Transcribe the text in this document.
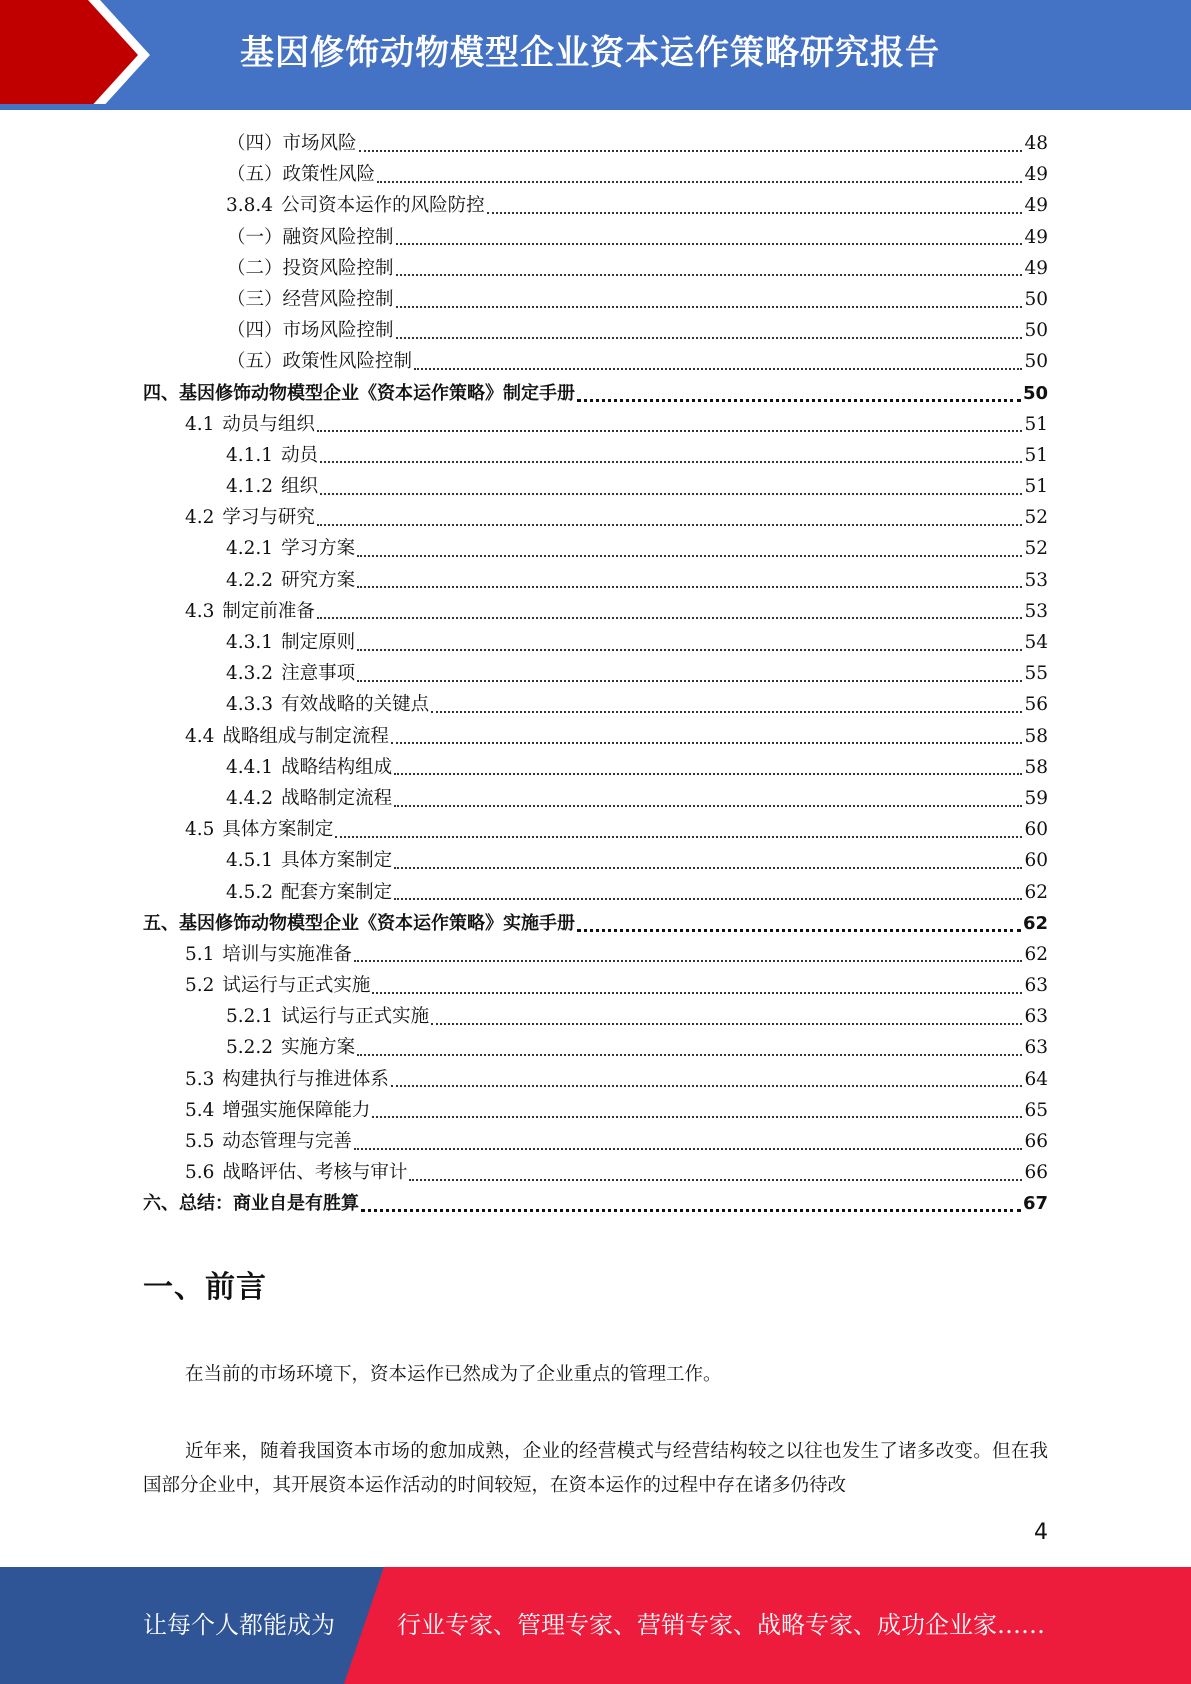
基因修饰动物模型企业资本运作策略研究报告
（四）市场风险	48
（五）政策性风险	49
3.8.4 公司资本运作的风险防控	49
（一）融资风险控制	49
（二）投资风险控制	49
（三）经营风险控制	50
（四）市场风险控制	50
（五）政策性风险控制	50
四、基因修饰动物模型企业《资本运作策略》制定手册	50
4.1 动员与组织	51
4.1.1 动员	51
4.1.2 组织	51
4.2 学习与研究	52
4.2.1 学习方案	52
4.2.2 研究方案	53
4.3 制定前准备	53
4.3.1 制定原则	54
4.3.2 注意事项	55
4.3.3 有效战略的关键点	56
4.4 战略组成与制定流程	58
4.4.1 战略结构组成	58
4.4.2 战略制定流程	59
4.5 具体方案制定	60
4.5.1 具体方案制定	60
4.5.2 配套方案制定	62
五、基因修饰动物模型企业《资本运作策略》实施手册	62
5.1 培训与实施准备	62
5.2 试运行与正式实施	63
5.2.1 试运行与正式实施	63
5.2.2 实施方案	63
5.3 构建执行与推进体系	64
5.4 增强实施保障能力	65
5.5 动态管理与完善	66
5.6 战略评估、考核与审计	66
六、总结：商业自是有胜算	67
一、前言
在当前的市场环境下，资本运作已然成为了企业重点的管理工作。
近年来，随着我国资本市场的愈加成熟，企业的经营模式与经营结构较之以往也发生了诸多改变。但在我国部分企业中，其开展资本运作活动的时间较短，在资本运作的过程中存在诸多仍待改
4
让每个人都能成为	行业专家、管理专家、营销专家、战略专家、成功企业家……
